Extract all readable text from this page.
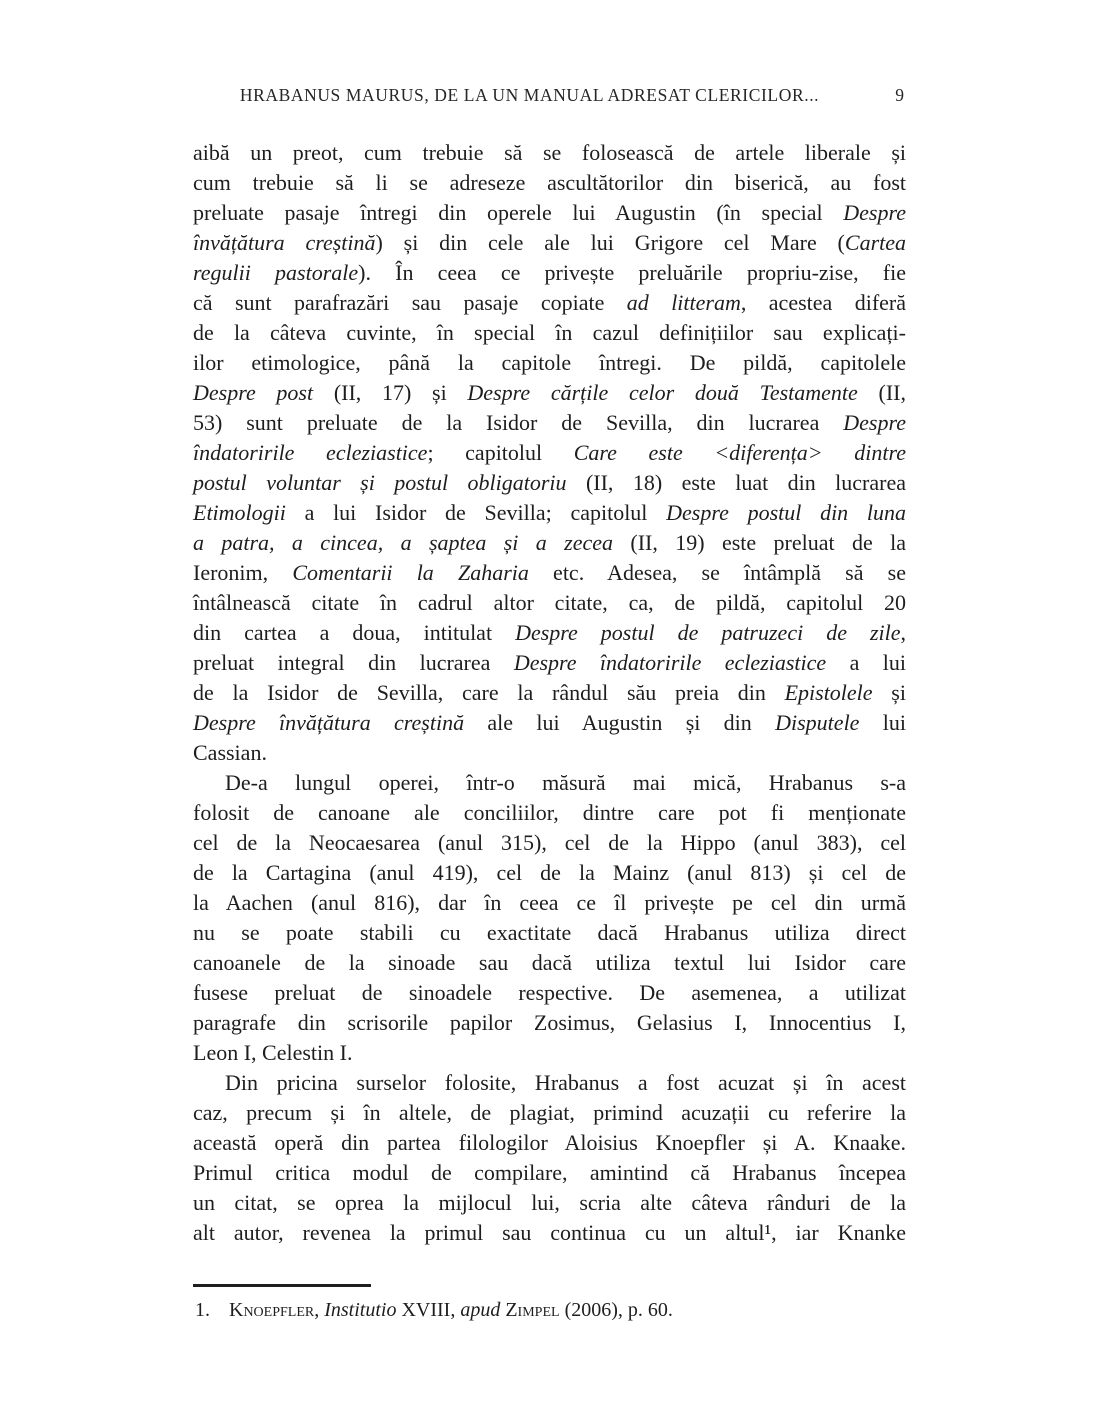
HRABANUS MAURUS, DE LA UN MANUAL ADRESAT CLERICILOR...	9
aibă un preot, cum trebuie să se folosească de artele liberale și
cum trebuie să li se adreseze ascultătorilor din biserică, au fost
preluate pasaje întregi din operele lui Augustin (în special Despre
învățătura creștină) și din cele ale lui Grigore cel Mare (Cartea
regulii pastorale). În ceea ce privește preluările propriu-zise, fie
că sunt parafrazări sau pasaje copiate ad litteram, acestea diferă
de la câteva cuvinte, în special în cazul definițiilor sau explicați-
ilor etimologice, până la capitole întregi. De pildă, capitolele
Despre post (II, 17) și Despre cărțile celor două Testamente (II,
53) sunt preluate de la Isidor de Sevilla, din lucrarea Despre
îndatoririle ecleziastice; capitolul Care este <diferența> dintre
postul voluntar și postul obligatoriu (II, 18) este luat din lucrarea
Etimologii a lui Isidor de Sevilla; capitolul Despre postul din luna
a patra, a cincea, a șaptea și a zecea (II, 19) este preluat de la
Ieronim, Comentarii la Zaharia etc. Adesea, se întâmplă să se
întâlnească citate în cadrul altor citate, ca, de pildă, capitolul 20
din cartea a doua, intitulat Despre postul de patruzeci de zile,
preluat integral din lucrarea Despre îndatoririle ecleziastice a lui
de la Isidor de Sevilla, care la rândul său preia din Epistolele și
Despre învățătura creștină ale lui Augustin și din Disputele lui
Cassian.
De-a lungul operei, într-o măsură mai mică, Hrabanus s-a
folosit de canoane ale conciliilor, dintre care pot fi menționate
cel de la Neocaesarea (anul 315), cel de la Hippo (anul 383), cel
de la Cartagina (anul 419), cel de la Mainz (anul 813) și cel de
la Aachen (anul 816), dar în ceea ce îl privește pe cel din urmă
nu se poate stabili cu exactitate dacă Hrabanus utiliza direct
canoanele de la sinoade sau dacă utiliza textul lui Isidor care
fusese preluat de sinoadele respective. De asemenea, a utilizat
paragrafe din scrisorile papilor Zosimus, Gelasius I, Innocentius I,
Leon I, Celestin I.
Din pricina surselor folosite, Hrabanus a fost acuzat și în acest
caz, precum și în altele, de plagiat, primind acuzații cu referire la
această operă din partea filologilor Aloisius Knoepfler și A. Knaake.
Primul critica modul de compilare, amintind că Hrabanus începea
un citat, se oprea la mijlocul lui, scria alte câteva rânduri de la
alt autor, revenea la primul sau continua cu un altul¹, iar Knanke
1. Knoepfler, Institutio XVIII, apud Zimpel (2006), p. 60.
